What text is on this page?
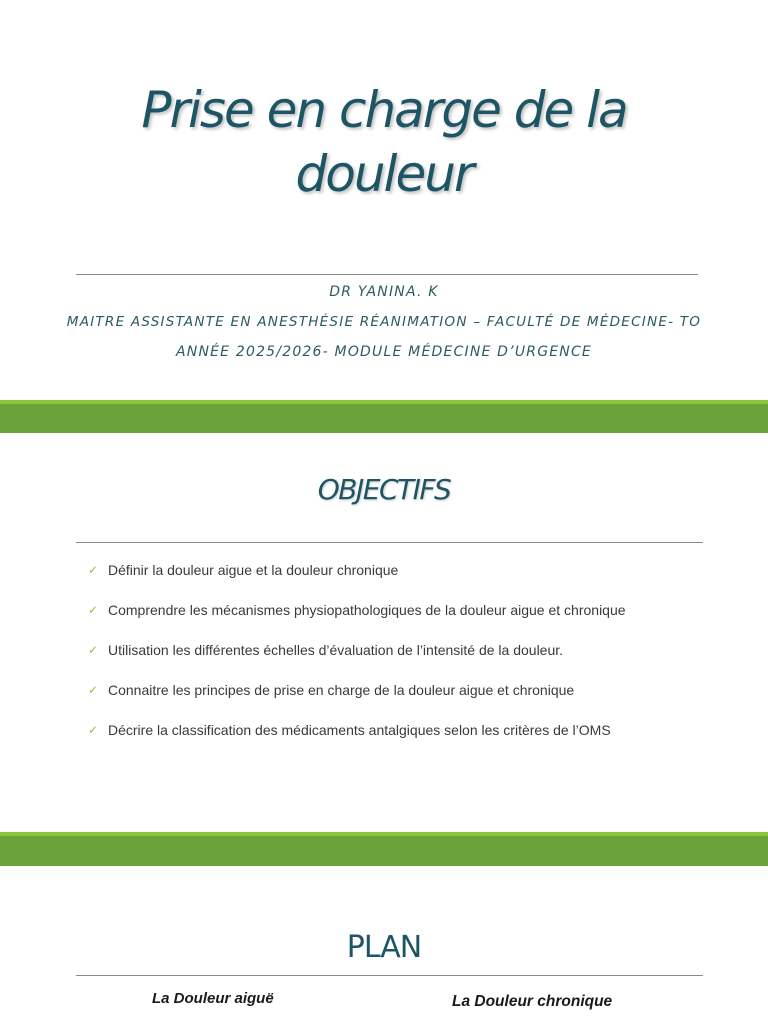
Prise en charge de la douleur
DR YANINA. K
MAITRE ASSISTANTE EN ANESTHÉSIE RÉANIMATION – FACULTÉ DE MÉDECINE- TO
ANNÉE 2025/2026- MODULE MÉDECINE D’URGENCE
OBJECTIFS
✓ Définir la douleur aigue et la douleur chronique
✓ Comprendre les mécanismes physiopathologiques de la douleur aigue et chronique
✓ Utilisation les différentes échelles d’évaluation de l’intensité de la douleur.
✓ Connaitre les principes de prise en charge de la douleur aigue et chronique
✓ Décrire la classification des médicaments antalgiques selon les critères de l’OMS
PLAN
La Douleur aiguë	La Douleur chronique
